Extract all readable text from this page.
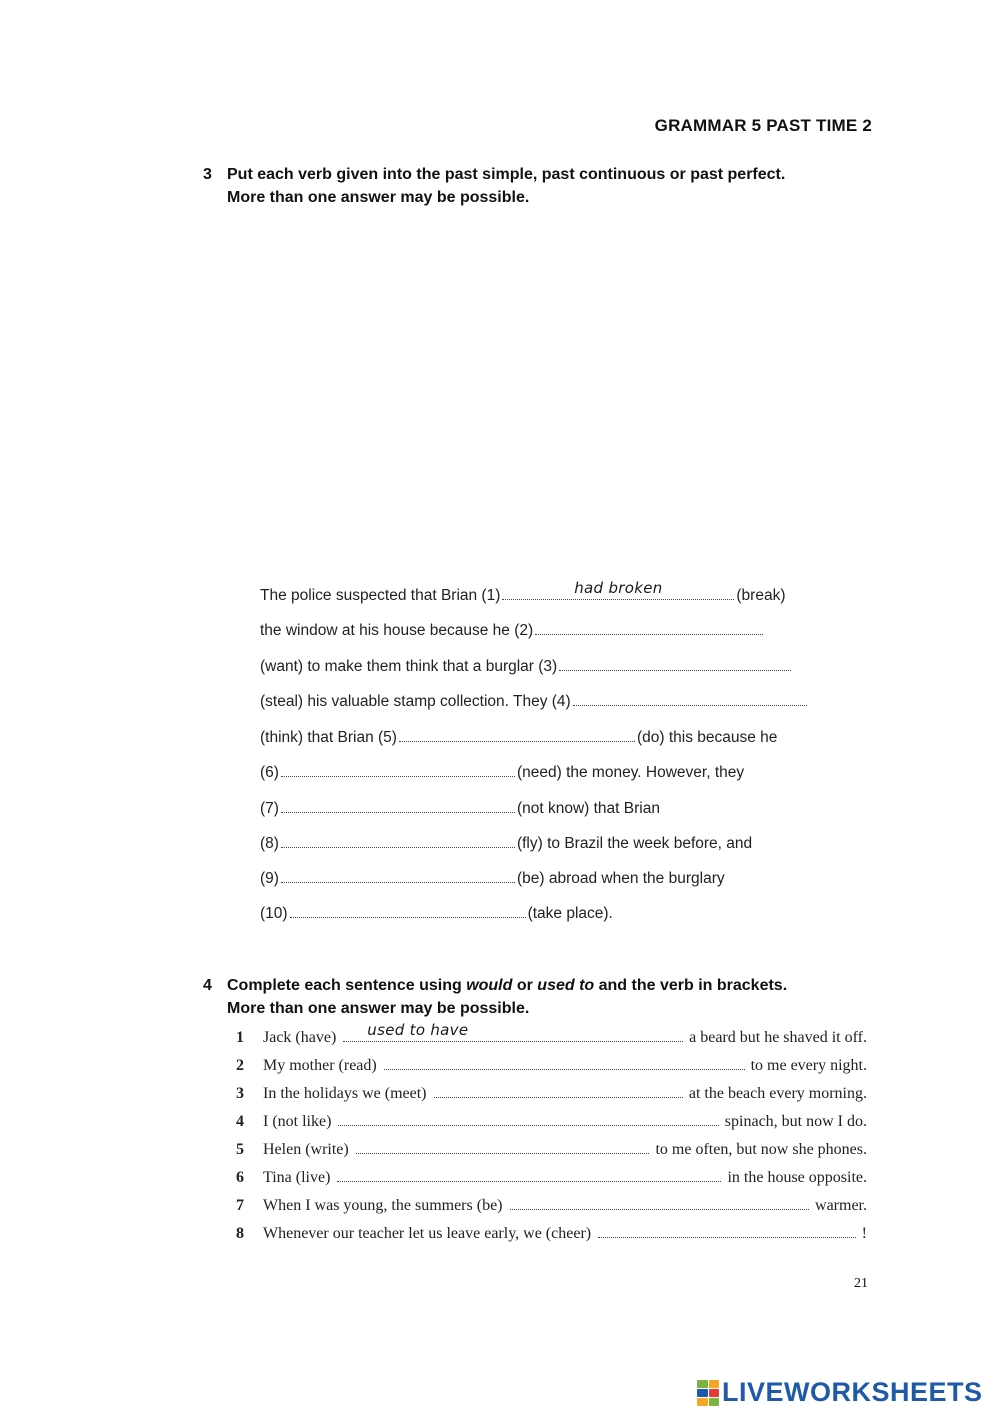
GRAMMAR 5 PAST TIME 2
3 Put each verb given into the past simple, past continuous or past perfect.
More than one answer may be possible.
The police suspected that Brian (1)	had broken	(break)
the window at his house because he (2)
(want) to make them think that a burglar (3)
(steal) his valuable stamp collection. They (4)
(think) that Brian (5)	(do) this because he
(6)	(need) the money. However, they
(7)	(not know) that Brian
(8)	(fly) to Brazil the week before, and
(9)	(be) abroad when the burglary
(10)	(take place).
4 Complete each sentence using would or used to and the verb in brackets.
More than one answer may be possible.
1	Jack (have) used to have	a beard but he shaved it off.
2	My mother (read)	to me every night.
3	In the holidays we (meet)	at the beach every morning.
4	I (not like)	spinach, but now I do.
5	Helen (write)	to me often, but now she phones.
6	Tina (live)	in the house opposite.
7	When I was young, the summers (be)	warmer.
8	Whenever our teacher let us leave early, we (cheer)	!
21
LIVEWORKSHEETS
